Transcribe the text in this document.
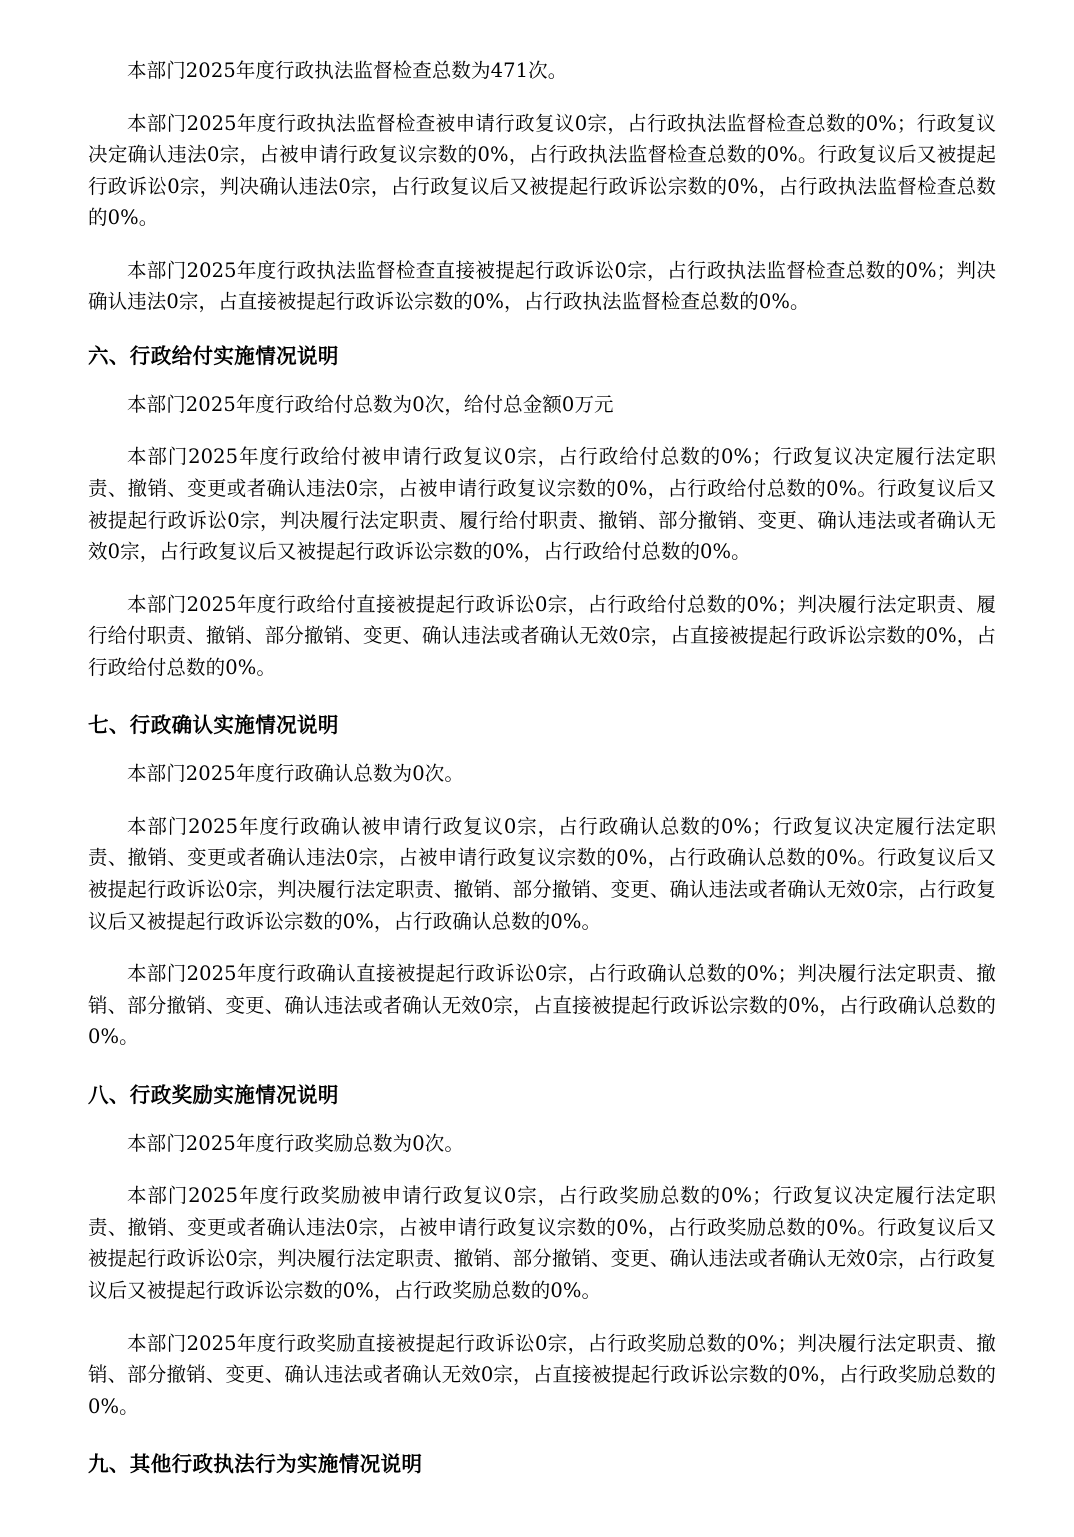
本部门2025年度行政执法监督检查总数为471次。
本部门2025年度行政执法监督检查被申请行政复议0宗，占行政执法监督检查总数的0%；行政复议决定确认违法0宗，占被申请行政复议宗数的0%，占行政执法监督检查总数的0%。行政复议后又被提起行政诉讼0宗，判决确认违法0宗，占行政复议后又被提起行政诉讼宗数的0%，占行政执法监督检查总数的0%。
本部门2025年度行政执法监督检查直接被提起行政诉讼0宗，占行政执法监督检查总数的0%；判决确认违法0宗，占直接被提起行政诉讼宗数的0%，占行政执法监督检查总数的0%。
六、行政给付实施情况说明
本部门2025年度行政给付总数为0次，给付总金额0万元
本部门2025年度行政给付被申请行政复议0宗，占行政给付总数的0%；行政复议决定履行法定职责、撤销、变更或者确认违法0宗，占被申请行政复议宗数的0%，占行政给付总数的0%。行政复议后又被提起行政诉讼0宗，判决履行法定职责、履行给付职责、撤销、部分撤销、变更、确认违法或者确认无效0宗，占行政复议后又被提起行政诉讼宗数的0%，占行政给付总数的0%。
本部门2025年度行政给付直接被提起行政诉讼0宗，占行政给付总数的0%；判决履行法定职责、履行给付职责、撤销、部分撤销、变更、确认违法或者确认无效0宗，占直接被提起行政诉讼宗数的0%，占行政给付总数的0%。
七、行政确认实施情况说明
本部门2025年度行政确认总数为0次。
本部门2025年度行政确认被申请行政复议0宗，占行政确认总数的0%；行政复议决定履行法定职责、撤销、变更或者确认违法0宗，占被申请行政复议宗数的0%，占行政确认总数的0%。行政复议后又被提起行政诉讼0宗，判决履行法定职责、撤销、部分撤销、变更、确认违法或者确认无效0宗，占行政复议后又被提起行政诉讼宗数的0%，占行政确认总数的0%。
本部门2025年度行政确认直接被提起行政诉讼0宗，占行政确认总数的0%；判决履行法定职责、撤销、部分撤销、变更、确认违法或者确认无效0宗，占直接被提起行政诉讼宗数的0%，占行政确认总数的0%。
八、行政奖励实施情况说明
本部门2025年度行政奖励总数为0次。
本部门2025年度行政奖励被申请行政复议0宗，占行政奖励总数的0%；行政复议决定履行法定职责、撤销、变更或者确认违法0宗，占被申请行政复议宗数的0%，占行政奖励总数的0%。行政复议后又被提起行政诉讼0宗，判决履行法定职责、撤销、部分撤销、变更、确认违法或者确认无效0宗，占行政复议后又被提起行政诉讼宗数的0%，占行政奖励总数的0%。
本部门2025年度行政奖励直接被提起行政诉讼0宗，占行政奖励总数的0%；判决履行法定职责、撤销、部分撤销、变更、确认违法或者确认无效0宗，占直接被提起行政诉讼宗数的0%，占行政奖励总数的0%。
九、其他行政执法行为实施情况说明
